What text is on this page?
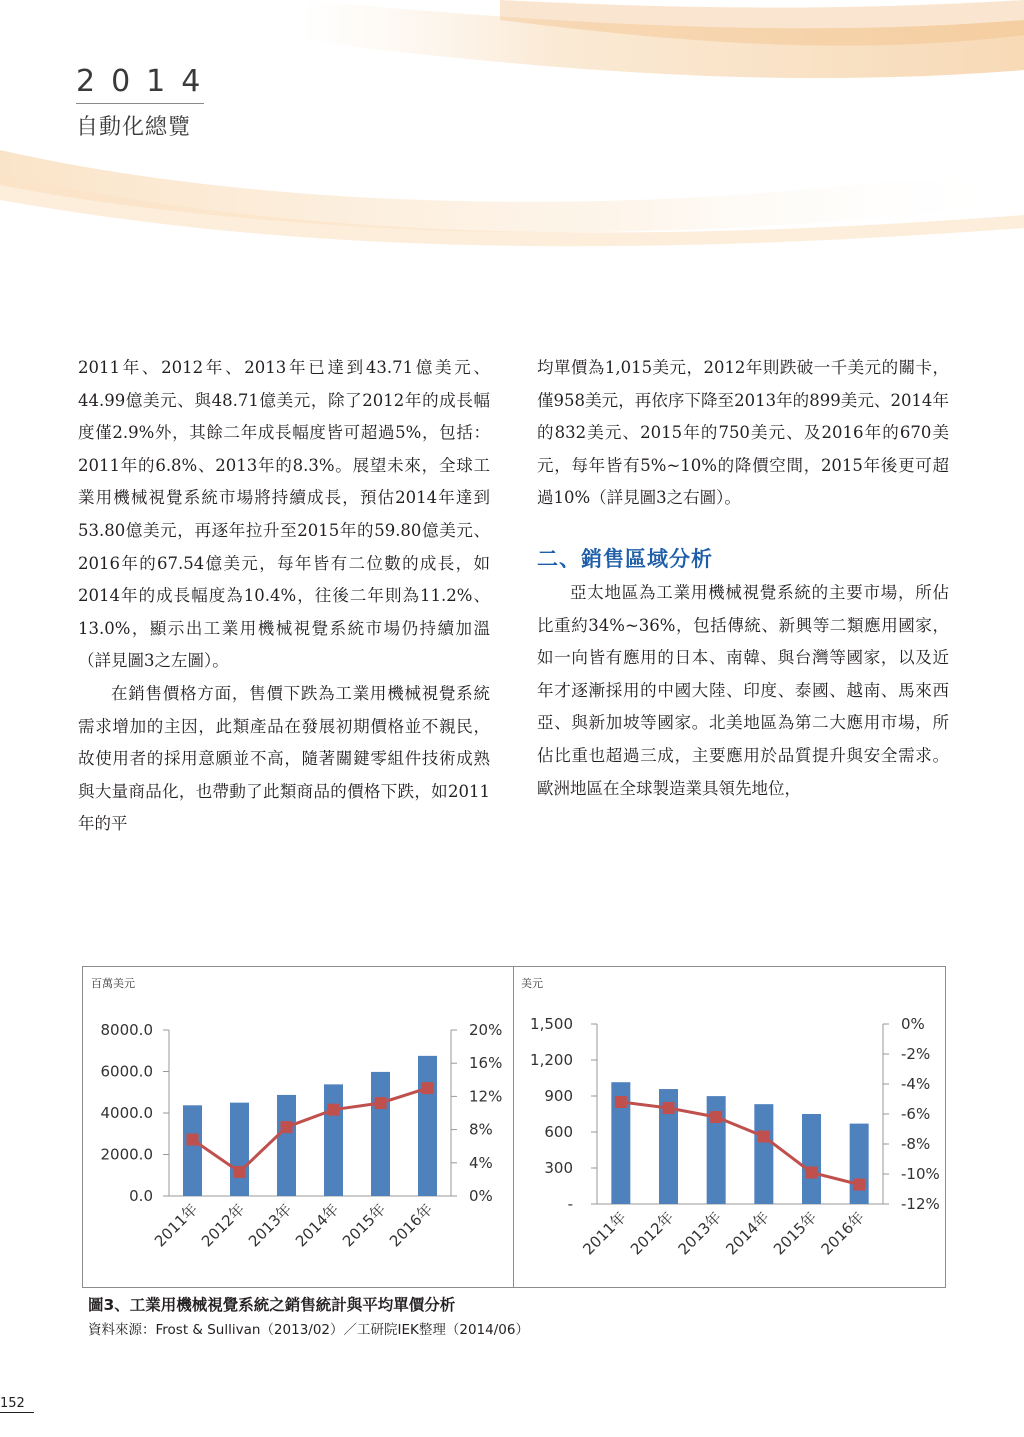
2014
自動化總覽

2011年、2012年、2013年已達到43.71億美元、44.99億美元、與48.71億美元，除了2012年的成長幅度僅2.9%外，其餘二年成長幅度皆可超過5%，包括：2011年的6.8%、2013年的8.3%。展望未來，全球工業用機械視覺系統市場將持續成長，預估2014年達到53.80億美元，再逐年拉升至2015年的59.80億美元、2016年的67.54億美元，每年皆有二位數的成長，如2014年的成長幅度為10.4%，往後二年則為11.2%、13.0%，顯示出工業用機械視覺系統市場仍持續加溫（詳見圖3之左圖）。

在銷售價格方面，售價下跌為工業用機械視覺系統需求增加的主因，此類產品在發展初期價格並不親民，故使用者的採用意願並不高，隨著關鍵零組件技術成熟與大量商品化，也帶動了此類商品的價格下跌，如2011年的平

均單價為1,015美元，2012年則跌破一千美元的關卡，僅958美元，再依序下降至2013年的899美元、2014年的832美元、2015年的750美元、及2016年的670美元，每年皆有5%~10%的降價空間，2015年後更可超過10%（詳見圖3之右圖）。

二、銷售區域分析

亞太地區為工業用機械視覺系統的主要市場，所佔比重約34%~36%，包括傳統、新興等二類應用國家，如一向皆有應用的日本、南韓、與台灣等國家，以及近年才逐漸採用的中國大陸、印度、泰國、越南、馬來西亞、與新加坡等國家。北美地區為第二大應用市場，所佔比重也超過三成，主要應用於品質提升與安全需求。歐洲地區在全球製造業具領先地位，

百萬美元
0.0
2000.0
4000.0
6000.0
8000.0
0%
4%
8%
12%
16%
20%
2011年
2012年
2013年
2014年
2015年
2016年
美元
-
300
600
900
1,200
1,500
-12%
-10%
-8%
-6%
-4%
-2%
0%
2011年
2012年
2013年
2014年
2015年
2016年
圖3、工業用機械視覺系統之銷售統計與平均單價分析
資料來源：Frost & Sullivan（2013/02）／工研院IEK整理（2014/06）
152
